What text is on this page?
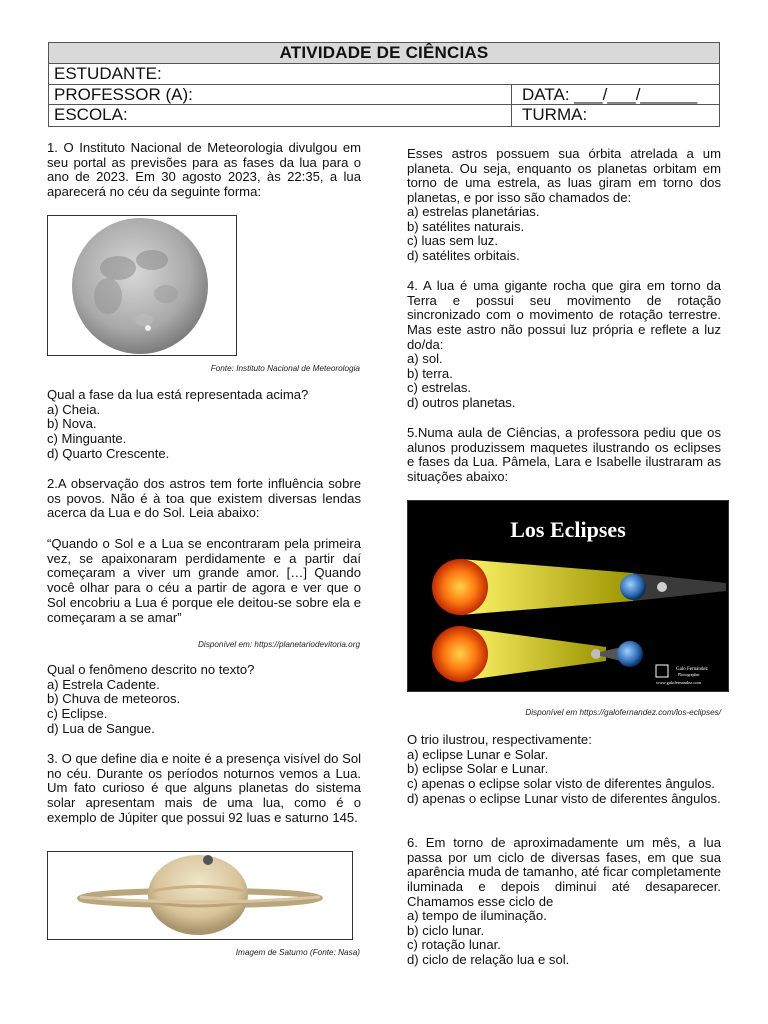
ATIVIDADE DE CIÊNCIAS
ESTUDANTE:
PROFESSOR (A):	DATA: ___/___/______
ESCOLA:	TURMA:
1. O Instituto Nacional de Meteorologia divulgou em seu portal as previsões para as fases da lua para o ano de 2023. Em 30 agosto 2023, às 22:35, a lua aparecerá no céu da seguinte forma:
Fonte: Instituto Nacional de Meteorologia
Qual a fase da lua está representada acima?
a) Cheia.
b) Nova.
c) Minguante.
d) Quarto Crescente.
2.A observação dos astros tem forte influência sobre os povos. Não é à toa que existem diversas lendas acerca da Lua e do Sol. Leia abaixo:
“Quando o Sol e a Lua se encontraram pela primeira vez, se apaixonaram perdidamente e a partir daí começaram a viver um grande amor. […] Quando você olhar para o céu a partir de agora e ver que o Sol encobriu a Lua é porque ele deitou-se sobre ela e começaram a se amar”
Disponível em: https://planetariodevitoria.org
Qual o fenômeno descrito no texto?
a) Estrela Cadente.
b) Chuva de meteoros.
c) Eclipse.
d) Lua de Sangue.
3. O que define dia e noite é a presença visível do Sol no céu. Durante os períodos noturnos vemos a Lua. Um fato curioso é que alguns planetas do sistema solar apresentam mais de uma lua, como é o exemplo de Júpiter que possui 92 luas e saturno 145.
Imagem de Saturno (Fonte: Nasa)
Esses astros possuem sua órbita atrelada a um planeta. Ou seja, enquanto os planetas orbitam em torno de uma estrela, as luas giram em torno dos planetas, e por isso são chamados de:
a) estrelas planetárias.
b) satélites naturais.
c) luas sem luz.
d) satélites orbitais.
4. A lua é uma gigante rocha que gira em torno da Terra e possui seu movimento de rotação sincronizado com o movimento de rotação terrestre. Mas este astro não possui luz própria e reflete a luz do/da:
a) sol.
b) terra.
c) estrelas.
d) outros planetas.
5.Numa aula de Ciências, a professora pediu que os alunos produzissem maquetes ilustrando os eclipses e fases da Lua. Pâmela, Lara e Isabelle ilustraram as situações abaixo:
Los Eclipses
Galo Fernández
Photographer
www.galofernandez.com
Disponível em https://galofernandez.com/los-eclipses/
O trio ilustrou, respectivamente:
a) eclipse Lunar e Solar.
b) eclipse Solar e Lunar.
c) apenas o eclipse solar visto de diferentes ângulos.
d) apenas o eclipse Lunar visto de diferentes ângulos.
6. Em torno de aproximadamente um mês, a lua passa por um ciclo de diversas fases, em que sua aparência muda de tamanho, até ficar completamente iluminada e depois diminui até desaparecer. Chamamos esse ciclo de
a) tempo de iluminação.
b) ciclo lunar.
c) rotação lunar.
d) ciclo de relação lua e sol.
